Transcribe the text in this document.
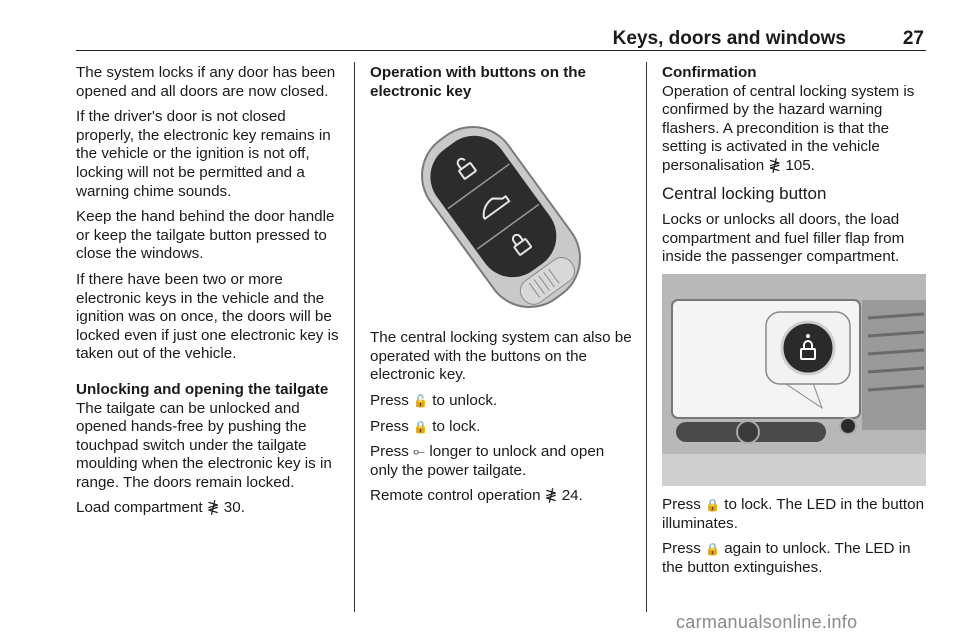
Keys, doors and windows	27

The system locks if any door has been opened and all doors are now closed.

If the driver's door is not closed properly, the electronic key remains in the vehicle or the ignition is not off, locking will not be permitted and a warning chime sounds.

Keep the hand behind the door handle or keep the tailgate button pressed to close the windows.

If there have been two or more electronic keys in the vehicle and the ignition was on once, the doors will be locked even if just one electronic key is taken out of the vehicle.

Unlocking and opening the tailgate

The tailgate can be unlocked and opened hands-free by pushing the touchpad switch under the tailgate moulding when the electronic key is in range. The doors remain locked.

Load compartment ≹ 30.

Operation with buttons on the electronic key

The central locking system can also be operated with the buttons on the electronic key.

Press 🔓 to unlock.

Press 🔒 to lock.

Press ⟜ longer to unlock and open only the power tailgate.

Remote control operation ≹ 24.

Confirmation

Operation of central locking system is confirmed by the hazard warning flashers. A precondition is that the setting is activated in the vehicle personalisation ≹ 105.

Central locking button

Locks or unlocks all doors, the load compartment and fuel filler flap from inside the passenger compartment.

Press 🔒 to lock. The LED in the button illuminates.

Press 🔒 again to unlock. The LED in the button extinguishes.

carmanualsonline.info
